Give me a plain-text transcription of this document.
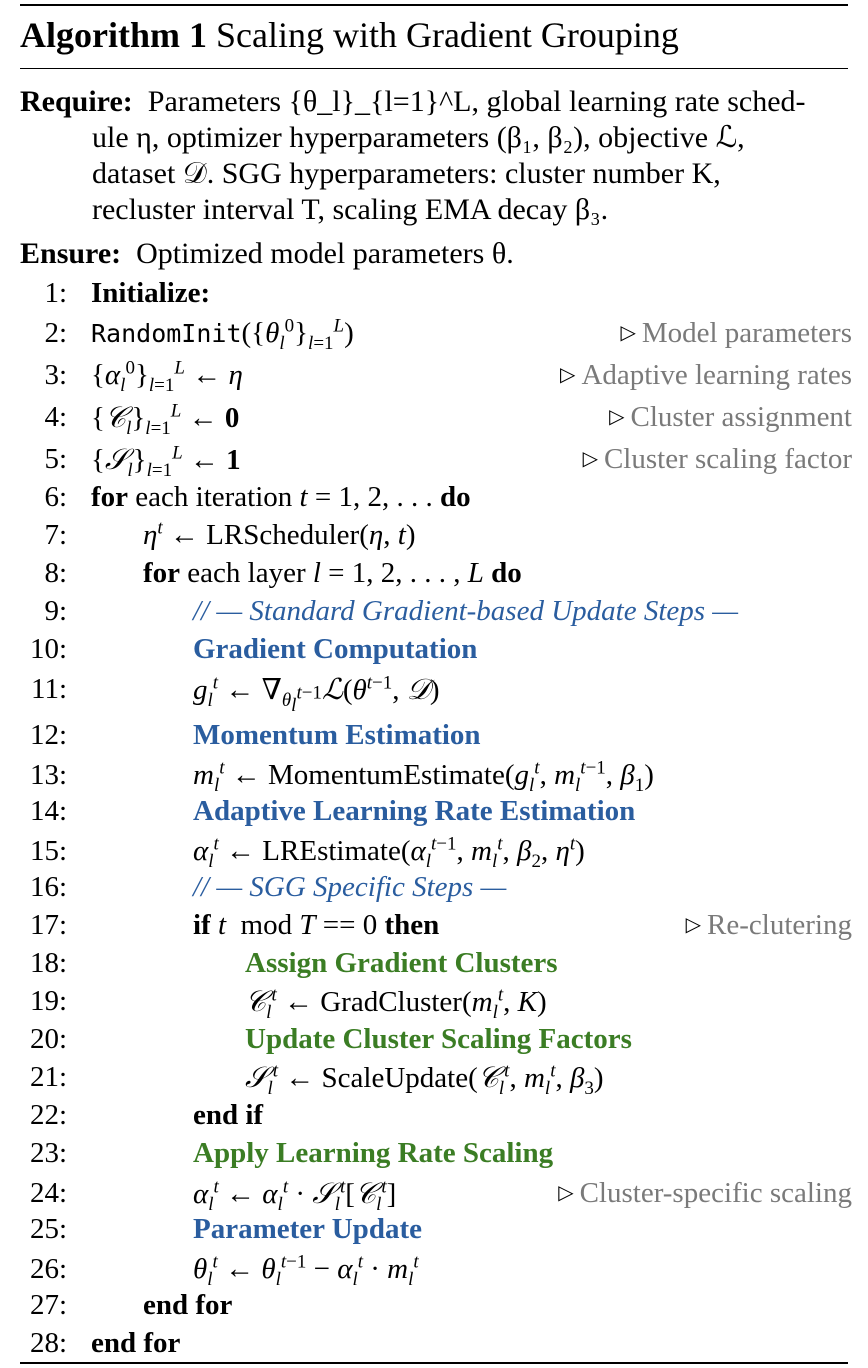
Algorithm 1 Scaling with Gradient Grouping
Require: Parameters {θ_l}_{l=1}^L, global learning rate sched-
ule η, optimizer hyperparameters (β₁, β₂), objective ℒ,
dataset 𝒟. SGG hyperparameters: cluster number K,
recluster interval T, scaling EMA decay β₃.
Ensure: Optimized model parameters θ.
1: Initialize:
2: $RandomInit(\{\theta_l^0\}_{l=1}^L)$	▷ Model parameters
3: $\{\alpha_l^0\}_{l=1}^L$ ← η	▷ Adaptive learning rates
4: $\{𝒞_l\}_{l=1}^L$ ← 0	▷ Cluster assignment
5: $\{𝒮_l\}_{l=1}^L$ ← 1	▷ Cluster scaling factor
6: for each iteration t = 1, 2, . . . do
7:	$\eta^t$ ← LRScheduler(η, t)
8:	for each layer l = 1, 2, . . . , L do
9:	// — Standard Gradient-based Update Steps —
10:	Gradient Computation
11:	$g_l^t$ ← $\nabla_{\theta_l^{t-1}}ℒ(\theta^{t-1}$, 𝒟)
12:	Momentum Estimation
13:	$m_l^t$ ← $MomentumEstimate(g_l^t$, $m_l^{t-1}$, $\beta_1$)
14:	Adaptive Learning Rate Estimation
15:	$\alpha_l^t$ ← $LREstimate(\alpha_l^{t-1}$, $m_l^t$, $\beta_2$, $\eta^t$)
16:	// — SGG Specific Steps —
17:	if t mod T == 0 then	▷ Re-clutering
18:	Assign Gradient Clusters
19:	𝒞$_l^t$ ← $GradCluster(m_l^t$, K)
20:	Update Cluster Scaling Factors
21:	𝒮$_l^t$ ← ScaleUpdate(𝒞$_l^t$, $m_l^t$, $\beta_3$)
22:	end if
23:	Apply Learning Rate Scaling
24:	$\alpha_l^t$ ← $\alpha_l^t$ · 𝒮$_l^t$[𝒞$_l^t$]	▷ Cluster-specific scaling
25:	Parameter Update
26:	$\theta_l^t$ ← $\theta_l^{t-1} - \alpha_l^t \cdot m_l^t$
27:	end for
28: end for
